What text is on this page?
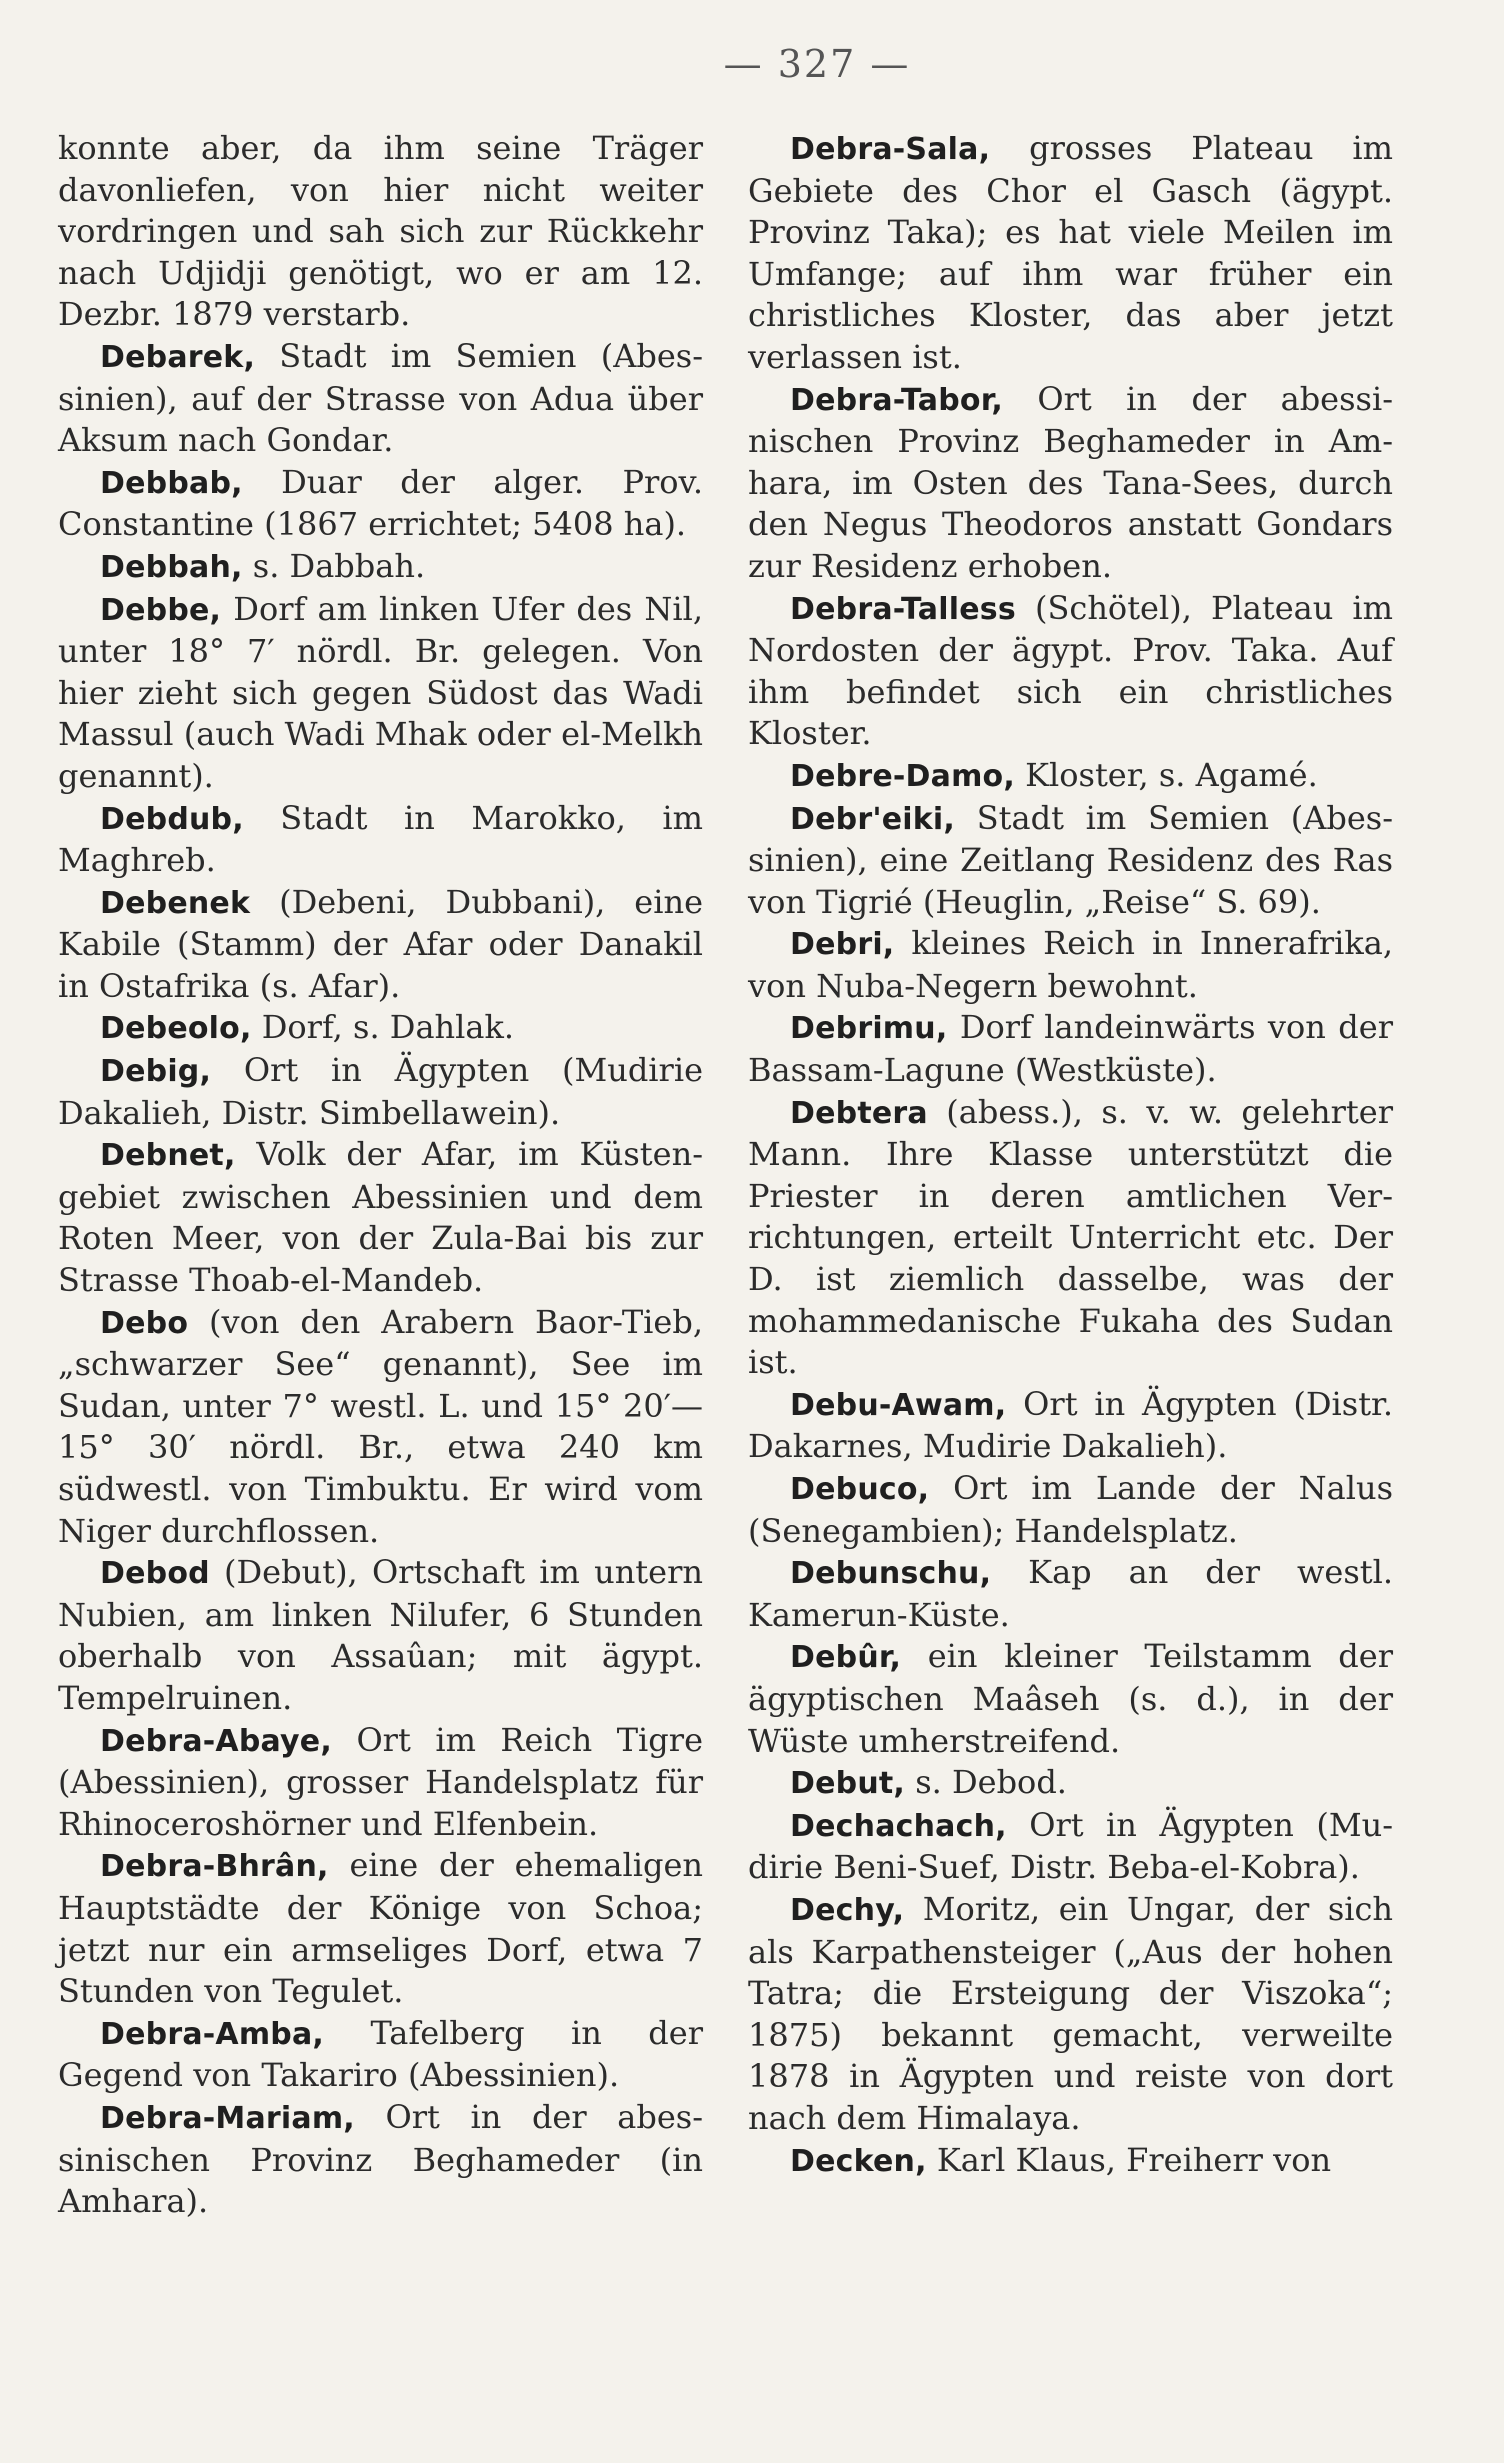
— 327 —

konnte aber, da ihm seine Träger davonliefen, von hier nicht weiter vordringen und sah sich zur Rückkehr nach Udjidji genötigt, wo er am 12. Dezbr. 1879 verstarb.

Debarek, Stadt im Semien (Abessinien), auf der Strasse von Adua über Aksum nach Gondar.

Debbab, Duar der alger. Prov. Constantine (1867 errichtet; 5408 ha).

Debbah, s. Dabbah.

Debbe, Dorf am linken Ufer des Nil, unter 18° 7′ nördl. Br. gelegen. Von hier zieht sich gegen Südost das Wadi Massul (auch Wadi Mhak oder el-Melkh genannt).

Debdub, Stadt in Marokko, im Maghreb.

Debenek (Debeni, Dubbani), eine Kabile (Stamm) der Afar oder Danakil in Ostafrika (s. Afar).

Debeolo, Dorf, s. Dahlak.

Debig, Ort in Ägypten (Mudirie Dakalieh, Distr. Simbellawein).

Debnet, Volk der Afar, im Küstengebiet zwischen Abessinien und dem Roten Meer, von der Zula-Bai bis zur Strasse Thoab-el-Mandeb.

Debo (von den Arabern Baor-Tieb, „schwarzer See“ genannt), See im Sudan, unter 7° westl. L. und 15° 20′—15° 30′ nördl. Br., etwa 240 km südwestl. von Timbuktu. Er wird vom Niger durchflossen.

Debod (Debut), Ortschaft im untern Nubien, am linken Nilufer, 6 Stunden oberhalb von Assaûan; mit ägypt. Tempelruinen.

Debra-Abaye, Ort im Reich Tigre (Abessinien), grosser Handelsplatz für Rhinoceroshörner und Elfenbein.

Debra-Bhrân, eine der ehemaligen Hauptstädte der Könige von Schoa; jetzt nur ein armseliges Dorf, etwa 7 Stunden von Tegulet.

Debra-Amba, Tafelberg in der Gegend von Takariro (Abessinien).

Debra-Mariam, Ort in der abessinischen Provinz Beghameder (in Amhara).

Debra-Sala, grosses Plateau im Gebiete des Chor el Gasch (ägypt. Provinz Taka); es hat viele Meilen im Umfange; auf ihm war früher ein christliches Kloster, das aber jetzt verlassen ist.

Debra-Tabor, Ort in der abessinischen Provinz Beghameder in Amhara, im Osten des Tana-Sees, durch den Negus Theodoros anstatt Gondars zur Residenz erhoben.

Debra-Talless (Schötel), Plateau im Nordosten der ägypt. Prov. Taka. Auf ihm befindet sich ein christliches Kloster.

Debre-Damo, Kloster, s. Agamé.

Debr'eiki, Stadt im Semien (Abessinien), eine Zeitlang Residenz des Ras von Tigrié (Heuglin, „Reise“ S. 69).

Debri, kleines Reich in Innerafrika, von Nuba-Negern bewohnt.

Debrimu, Dorf landeinwärts von der Bassam-Lagune (Westküste).

Debtera (abess.), s. v. w. gelehrter Mann. Ihre Klasse unterstützt die Priester in deren amtlichen Verrichtungen, erteilt Unterricht etc. Der D. ist ziemlich dasselbe, was der mohammedanische Fukaha des Sudan ist.

Debu-Awam, Ort in Ägypten (Distr. Dakarnes, Mudirie Dakalieh).

Debuco, Ort im Lande der Nalus (Senegambien); Handelsplatz.

Debunschu, Kap an der westl. Kamerun-Küste.

Debûr, ein kleiner Teilstamm der ägyptischen Maâseh (s. d.), in der Wüste umherstreifend.

Debut, s. Debod.

Dechachach, Ort in Ägypten (Mudirie Beni-Suef, Distr. Beba-el-Kobra).

Dechy, Moritz, ein Ungar, der sich als Karpathensteiger („Aus der hohen Tatra; die Ersteigung der Viszoka“; 1875) bekannt gemacht, verweilte 1878 in Ägypten und reiste von dort nach dem Himalaya.

Decken, Karl Klaus, Freiherr von
